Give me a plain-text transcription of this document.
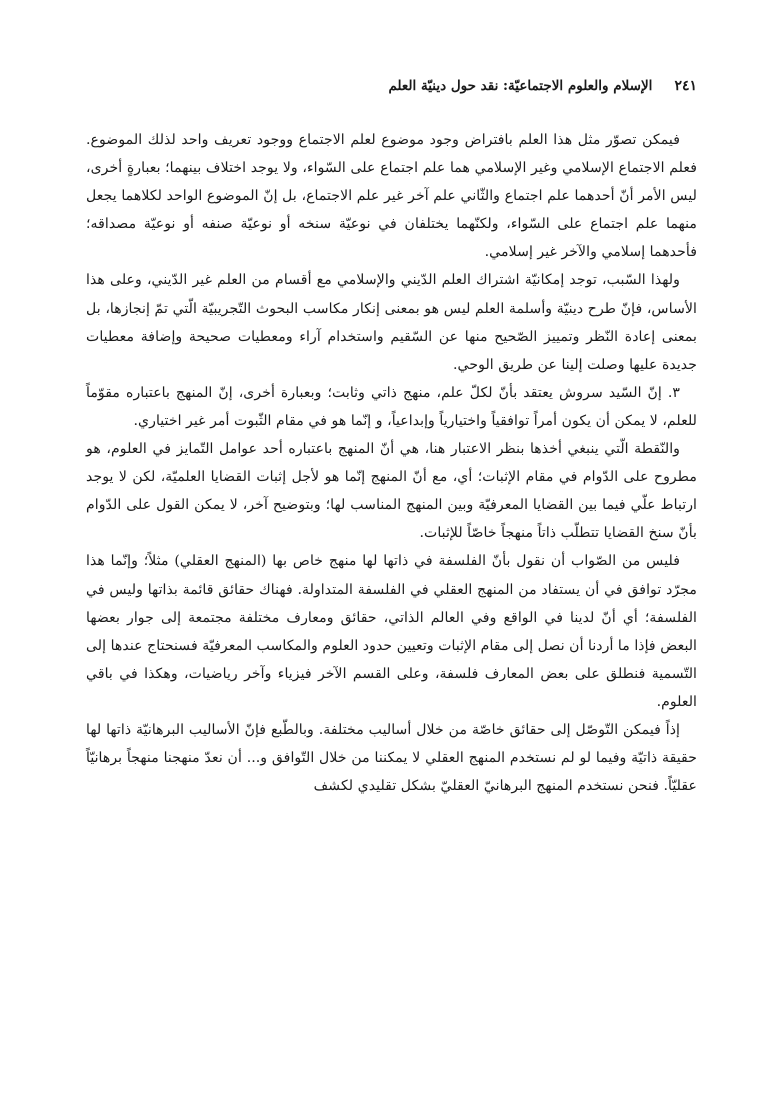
٢٤١
الإسلام والعلوم الاجتماعيّة: نقد حول دينيّة العلم

فيمكن تصوّر مثل هذا العلم بافتراض وجود موضوع لعلم الاجتماع ووجود تعريف واحد لذلك الموضوع. فعلم الاجتماع الإسلامي وغير الإسلامي هما علم اجتماع على السّواء، ولا يوجد اختلاف بينهما؛ بعبارةٍ أخرى، ليس الأمر أنّ أحدهما علم اجتماع والثّاني علم آخر غير علم الاجتماع، بل إنّ الموضوع الواحد لكلاهما يجعل منهما علم اجتماع على السّواء، ولكنّهما يختلفان في نوعيّة سنخه أو نوعيّة صنفه أو نوعيّة مصداقه؛ فأحدهما إسلامي والآخر غير إسلامي.

ولهذا السّبب، توجد إمكانيّة اشتراك العلم الدّيني والإسلامي مع أقسام من العلم غير الدّيني، وعلى هذا الأساس، فإنّ طرح دينيّة وأسلمة العلم ليس هو بمعنى إنكار مكاسب البحوث التّجريبيّة الّتي تمّ إنجازها، بل بمعنى إعادة النّظر وتمييز الصّحيح منها عن السّقيم واستخدام آراء ومعطيات صحيحة وإضافة معطيات جديدة عليها وصلت إلينا عن طريق الوحي.

٣. إنّ السّيد سروش يعتقد بأنّ لكلّ علم، منهج ذاتي وثابت؛ وبعبارة أخرى، إنّ المنهج باعتباره مقوّماً للعلم، لا يمكن أن يكون أمراً توافقياً واختيارياً وإبداعياً، و إنّما هو في مقام الثّبوت أمر غير اختياري.

والنّقطة الّتي ينبغي أخذها بنظر الاعتبار هنا، هي أنّ المنهج باعتباره أحد عوامل التّمايز في العلوم، هو مطروح على الدّوام في مقام الإثبات؛ أي، مع أنّ المنهج إنّما هو لأجل إثبات القضايا العلميّة، لكن لا يوجد ارتباط علّي فيما بين القضايا المعرفيّة وبين المنهج المناسب لها؛ وبتوضيح آخر، لا يمكن القول على الدّوام بأنّ سنخ القضايا تتطلّب ذاتاً منهجاً خاصّاً للإثبات.

فليس من الصّواب أن نقول بأنّ الفلسفة في ذاتها لها منهج خاص بها (المنهج العقلي) مثلاً؛ وإنّما هذا مجرّد توافق في أن يستفاد من المنهج العقلي في الفلسفة المتداولة. فهناك حقائق قائمة بذاتها وليس في الفلسفة؛ أي أنّ لدينا في الواقع وفي العالم الذاتي، حقائق ومعارف مختلفة مجتمعة إلى جوار بعضها البعض فإذا ما أردنا أن نصل إلى مقام الإثبات وتعيين حدود العلوم والمكاسب المعرفيّة فسنحتاج عندها إلى التّسمية فنطلق على بعض المعارف فلسفة، وعلى القسم الآخر فيزياء وآخر رياضيات، وهكذا في باقي العلوم.

إذاً فيمكن التّوصّل إلى حقائق خاصّة من خلال أساليب مختلفة. وبالطّبع فإنّ الأساليب البرهانيّة ذاتها لها حقيقة ذاتيّة وفيما لو لم نستخدم المنهج العقلي لا يمكننا من خلال التّوافق و... أن نعدّ منهجنا منهجاً برهانيّاً عقليّاً. فنحن نستخدم المنهج البرهانيّ العقليّ بشكل تقليدي لكشف
